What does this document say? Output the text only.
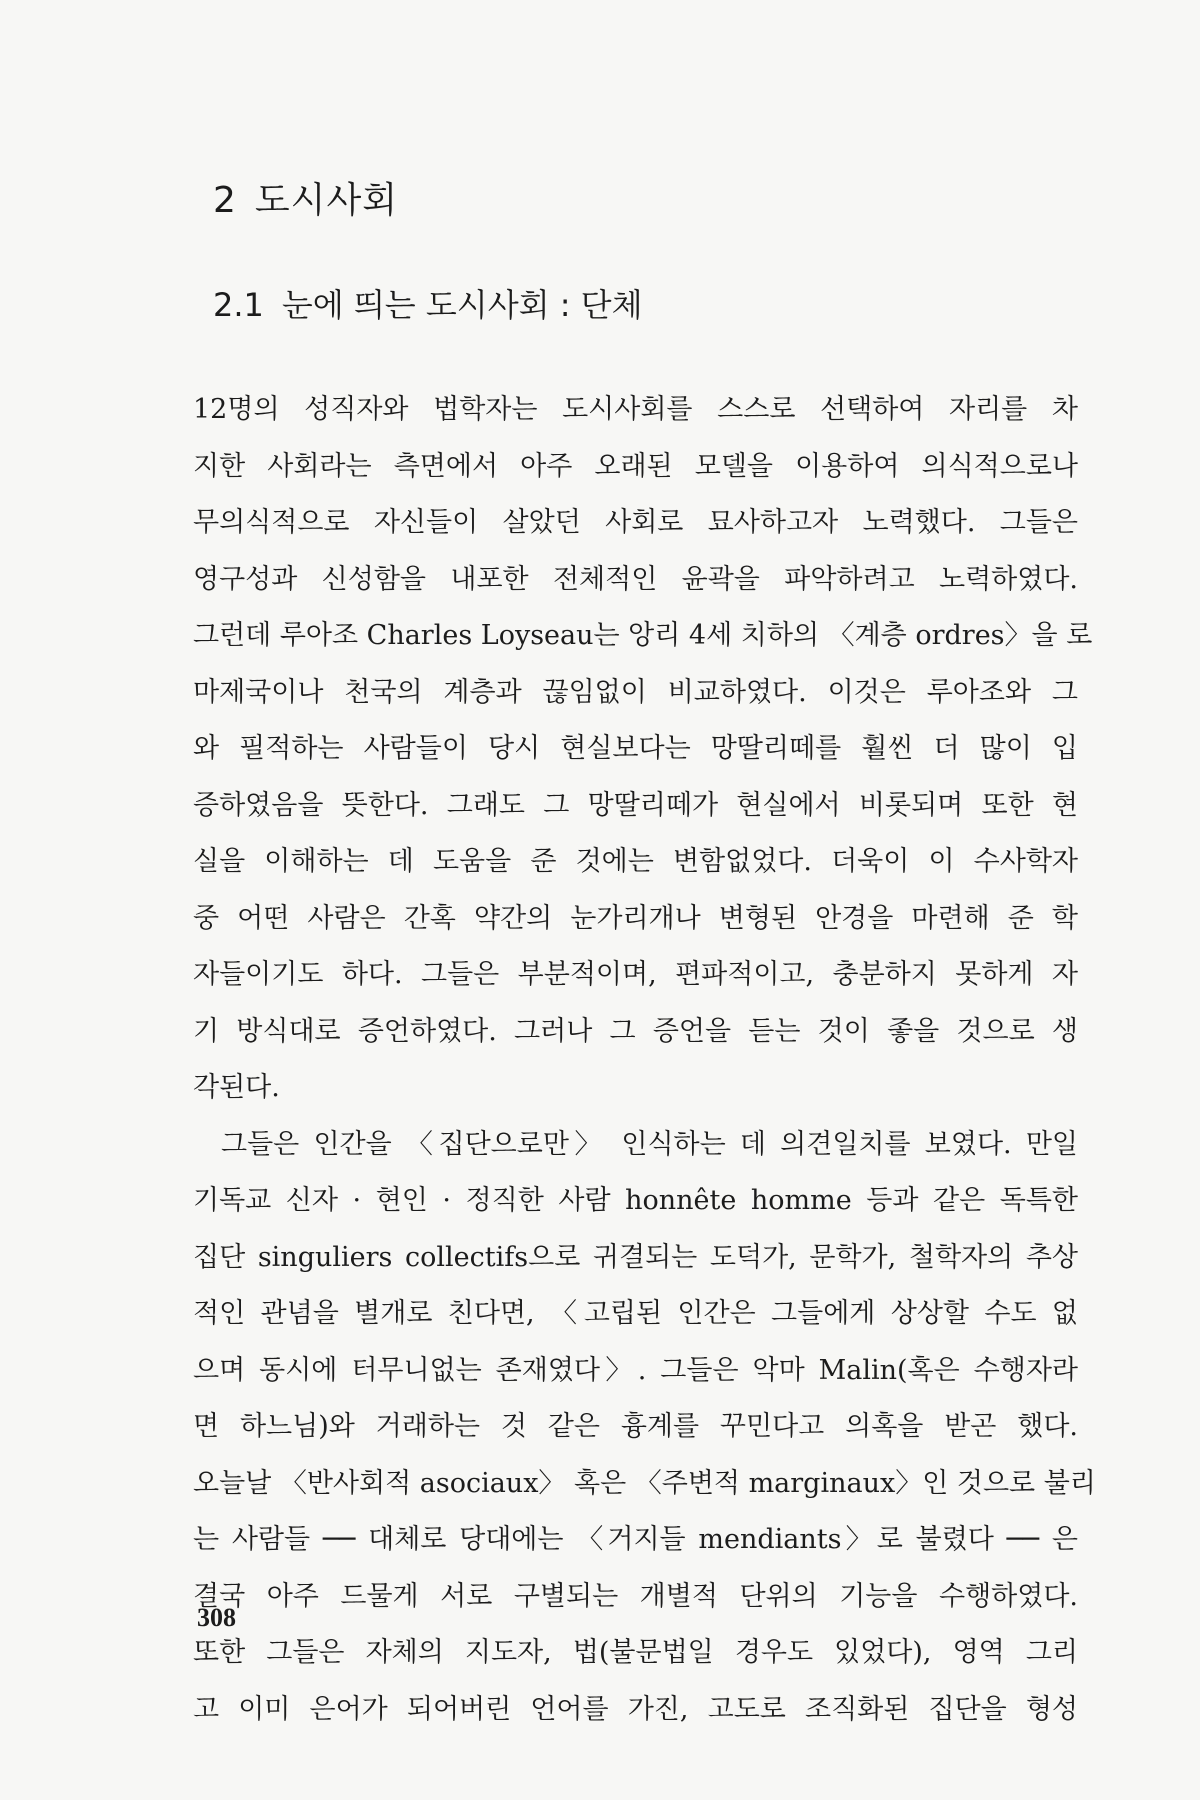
2 도시사회
2.1 눈에 띄는 도시사회 : 단체
12명의 성직자와 법학자는 도시사회를 스스로 선택하여 자리를 차
지한 사회라는 측면에서 아주 오래된 모델을 이용하여 의식적으로나
무의식적으로 자신들이 살았던 사회로 묘사하고자 노력했다. 그들은
영구성과 신성함을 내포한 전체적인 윤곽을 파악하려고 노력하였다.
그런데 루아조 Charles Loyseau는 앙리 4세 치하의 〈계층 ordres〉을 로
마제국이나 천국의 계층과 끊임없이 비교하였다. 이것은 루아조와 그
와 필적하는 사람들이 당시 현실보다는 망딸리떼를 훨씬 더 많이 입
증하였음을 뜻한다. 그래도 그 망딸리떼가 현실에서 비롯되며 또한 현
실을 이해하는 데 도움을 준 것에는 변함없었다. 더욱이 이 수사학자
중 어떤 사람은 간혹 약간의 눈가리개나 변형된 안경을 마련해 준 학
자들이기도 하다. 그들은 부분적이며, 편파적이고, 충분하지 못하게 자
기 방식대로 증언하였다. 그러나 그 증언을 듣는 것이 좋을 것으로 생
각된다.
그들은 인간을 〈집단으로만〉 인식하는 데 의견일치를 보였다. 만일
기독교 신자 · 현인 · 정직한 사람 honnête homme 등과 같은 독특한
집단 singuliers collectifs으로 귀결되는 도덕가, 문학가, 철학자의 추상
적인 관념을 별개로 친다면, 〈고립된 인간은 그들에게 상상할 수도 없
으며 동시에 터무니없는 존재였다〉. 그들은 악마 Malin(혹은 수행자라
면 하느님)와 거래하는 것 같은 흉계를 꾸민다고 의혹을 받곤 했다.
오늘날 〈반사회적 asociaux〉 혹은 〈주변적 marginaux〉인 것으로 불리
는 사람들 ── 대체로 당대에는 〈거지들 mendiants〉로 불렸다 ── 은
결국 아주 드물게 서로 구별되는 개별적 단위의 기능을 수행하였다.
또한 그들은 자체의 지도자, 법(불문법일 경우도 있었다), 영역 그리
고 이미 은어가 되어버린 언어를 가진, 고도로 조직화된 집단을 형성
308
